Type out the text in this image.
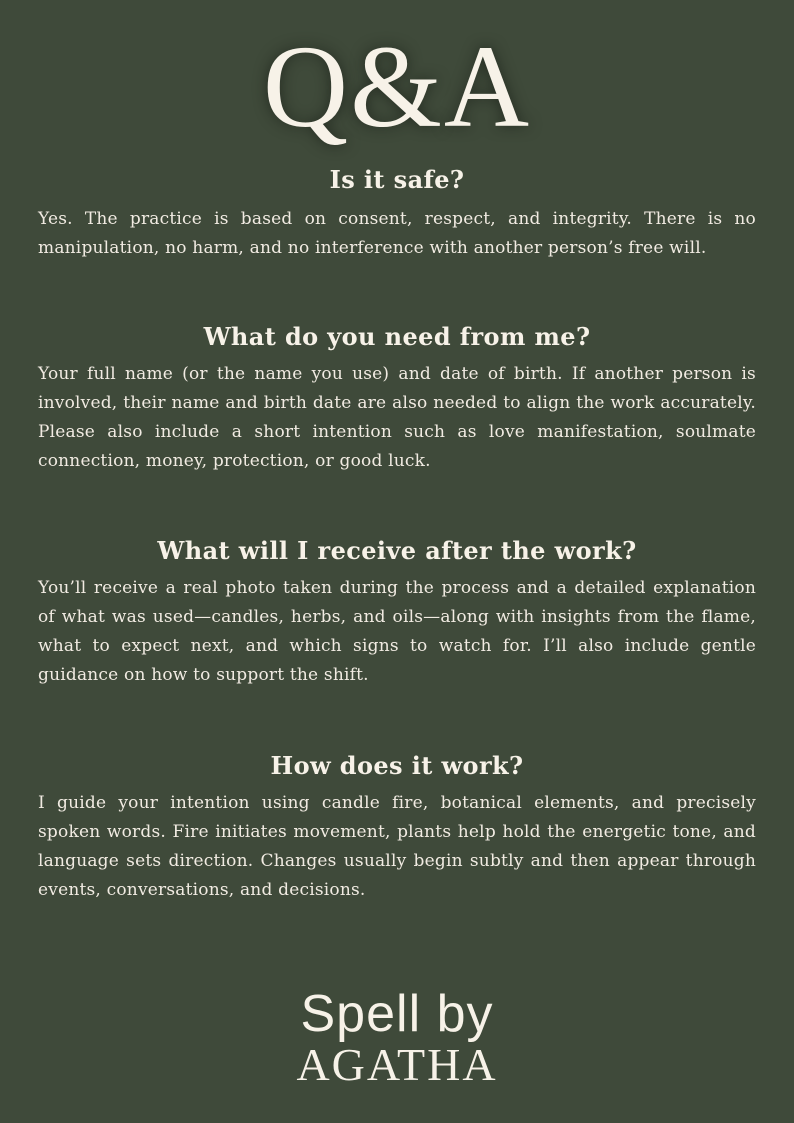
Q&A
Is it safe?

Yes. The practice is based on consent, respect, and integrity. There is no manipulation, no harm, and no interference with another person’s free will.

What do you need from me?

Your full name (or the name you use) and date of birth. If another person is involved, their name and birth date are also needed to align the work accurately. Please also include a short intention such as love manifestation, soulmate connection, money, protection, or good luck.

What will I receive after the work?

You’ll receive a real photo taken during the process and a detailed explanation of what was used—candles, herbs, and oils—along with insights from the flame, what to expect next, and which signs to watch for. I’ll also include gentle guidance on how to support the shift.

How does it work?

I guide your intention using candle fire, botanical elements, and precisely spoken words. Fire initiates movement, plants help hold the energetic tone, and language sets direction. Changes usually begin subtly and then appear through events, conversations, and decisions.

Spell by
AGATHA
